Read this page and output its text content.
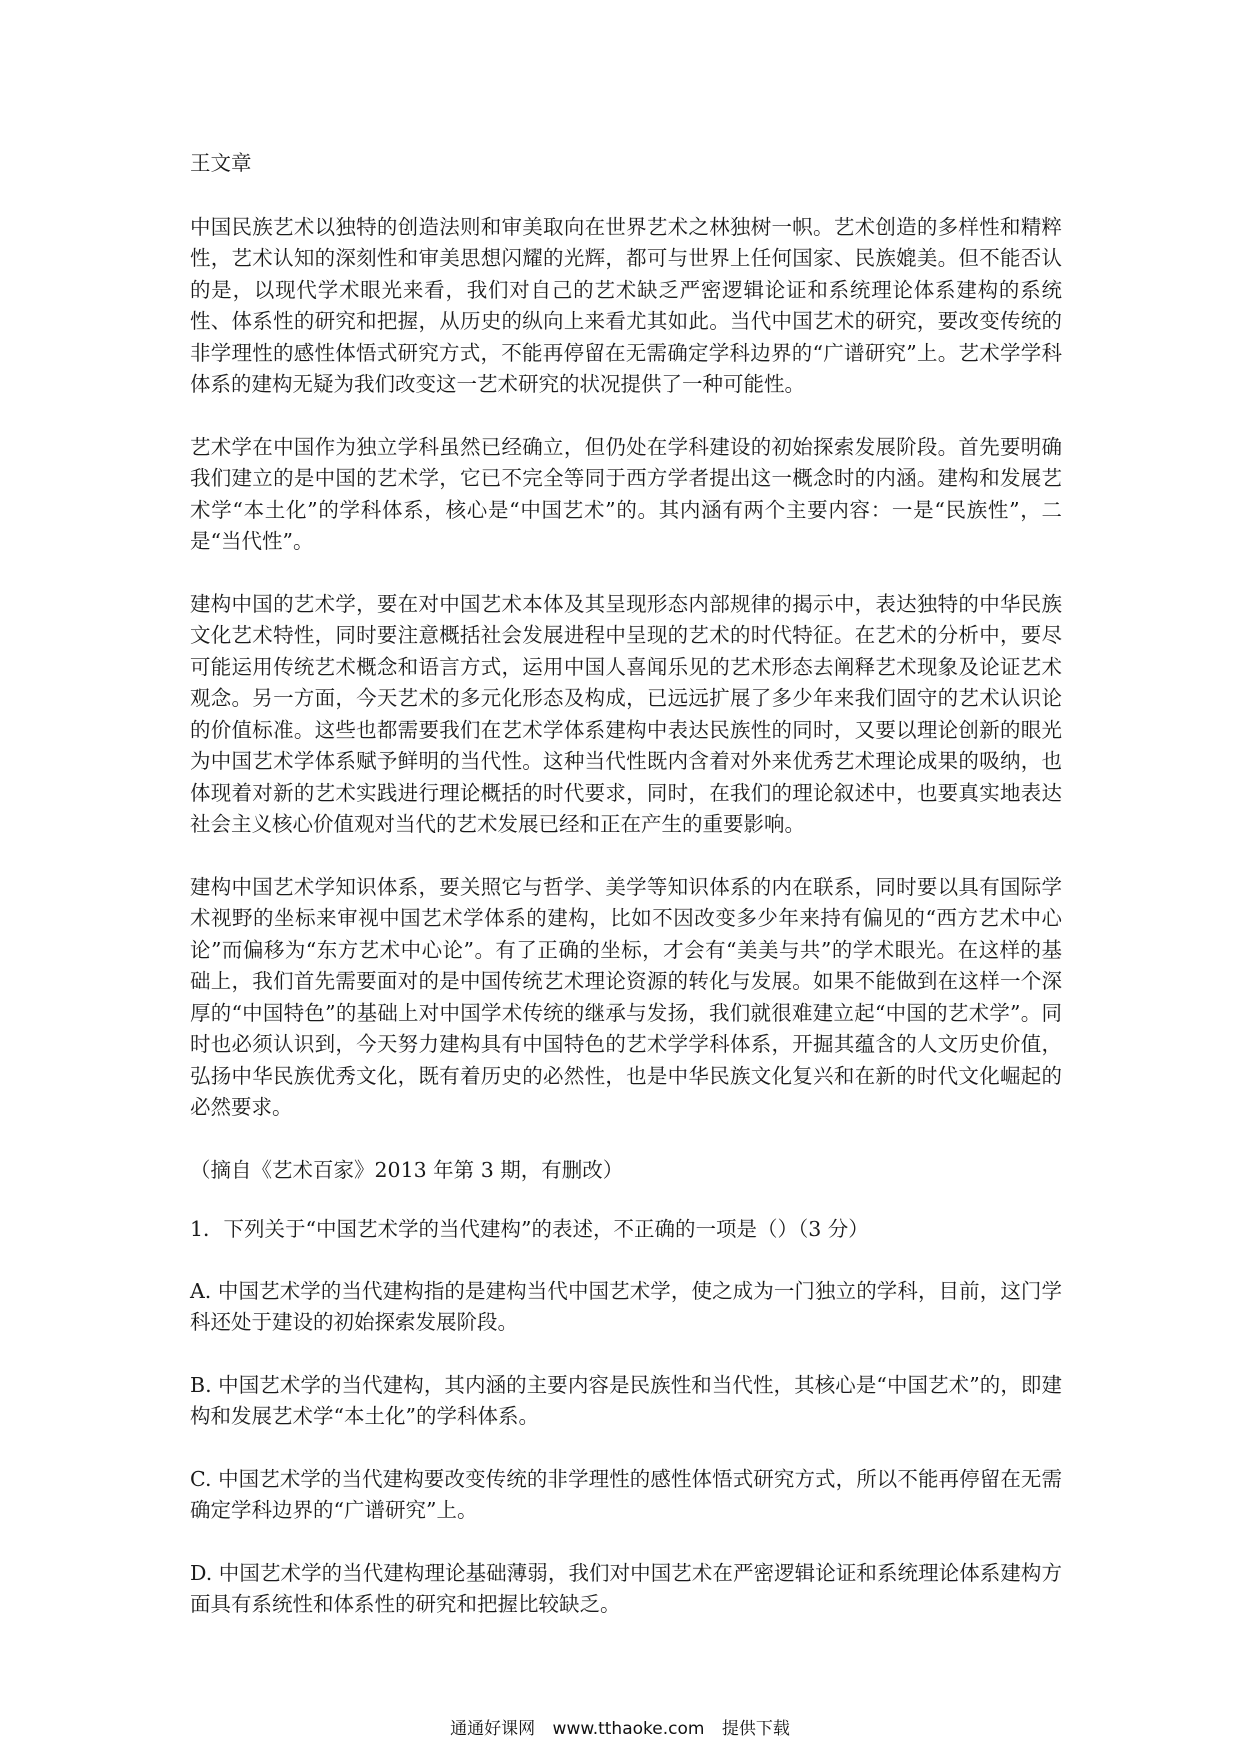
王文章

中国民族艺术以独特的创造法则和审美取向在世界艺术之林独树一帜。艺术创造的多样性和精粹性，艺术认知的深刻性和审美思想闪耀的光辉，都可与世界上任何国家、民族媲美。但不能否认的是，以现代学术眼光来看，我们对自己的艺术缺乏严密逻辑论证和系统理论体系建构的系统性、体系性的研究和把握，从历史的纵向上来看尤其如此。当代中国艺术的研究，要改变传统的非学理性的感性体悟式研究方式，不能再停留在无需确定学科边界的“广谱研究”上。艺术学学科体系的建构无疑为我们改变这一艺术研究的状况提供了一种可能性。

艺术学在中国作为独立学科虽然已经确立，但仍处在学科建设的初始探索发展阶段。首先要明确我们建立的是中国的艺术学，它已不完全等同于西方学者提出这一概念时的内涵。建构和发展艺术学“本土化”的学科体系，核心是“中国艺术”的。其内涵有两个主要内容：一是“民族性”，二是“当代性”。

建构中国的艺术学，要在对中国艺术本体及其呈现形态内部规律的揭示中，表达独特的中华民族文化艺术特性，同时要注意概括社会发展进程中呈现的艺术的时代特征。在艺术的分析中，要尽可能运用传统艺术概念和语言方式，运用中国人喜闻乐见的艺术形态去阐释艺术现象及论证艺术观念。另一方面，今天艺术的多元化形态及构成，已远远扩展了多少年来我们固守的艺术认识论的价值标准。这些也都需要我们在艺术学体系建构中表达民族性的同时，又要以理论创新的眼光为中国艺术学体系赋予鲜明的当代性。这种当代性既内含着对外来优秀艺术理论成果的吸纳，也体现着对新的艺术实践进行理论概括的时代要求，同时，在我们的理论叙述中，也要真实地表达社会主义核心价值观对当代的艺术发展已经和正在产生的重要影响。

建构中国艺术学知识体系，要关照它与哲学、美学等知识体系的内在联系，同时要以具有国际学术视野的坐标来审视中国艺术学体系的建构，比如不因改变多少年来持有偏见的“西方艺术中心论”而偏移为“东方艺术中心论”。有了正确的坐标，才会有“美美与共”的学术眼光。在这样的基础上，我们首先需要面对的是中国传统艺术理论资源的转化与发展。如果不能做到在这样一个深厚的“中国特色”的基础上对中国学术传统的继承与发扬，我们就很难建立起“中国的艺术学”。同时也必须认识到，今天努力建构具有中国特色的艺术学学科体系，开掘其蕴含的人文历史价值，弘扬中华民族优秀文化，既有着历史的必然性，也是中华民族文化复兴和在新的时代文化崛起的必然要求。

（摘自《艺术百家》2013 年第 3 期，有删改）

1．下列关于“中国艺术学的当代建构”的表述，不正确的一项是（）（3 分）

A. 中国艺术学的当代建构指的是建构当代中国艺术学，使之成为一门独立的学科，目前，这门学科还处于建设的初始探索发展阶段。

B. 中国艺术学的当代建构，其内涵的主要内容是民族性和当代性，其核心是“中国艺术”的，即建构和发展艺术学“本土化”的学科体系。

C. 中国艺术学的当代建构要改变传统的非学理性的感性体悟式研究方式，所以不能再停留在无需确定学科边界的“广谱研究”上。

D. 中国艺术学的当代建构理论基础薄弱，我们对中国艺术在严密逻辑论证和系统理论体系建构方面具有系统性和体系性的研究和把握比较缺乏。

通通好课网 www.tthaoke.com 提供下载
